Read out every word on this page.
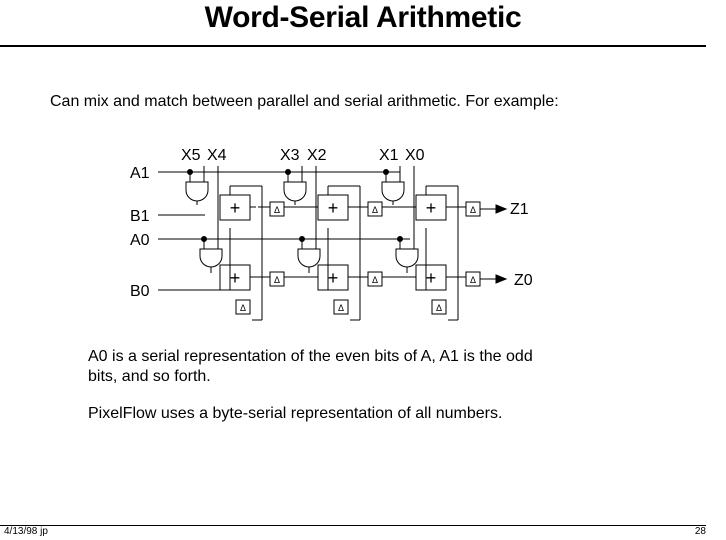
Word-Serial Arithmetic
Can mix and match between parallel and serial arithmetic. For example:
A1
B1
A0
B0
X5 X4	X3 X2	X1 X0
Z1
Z0
+	+	+
+	+	+
Δ	Δ	Δ
Δ	Δ	Δ
Δ	Δ	Δ
A0 is a serial representation of the even bits of A, A1 is the odd
bits, and so forth.
PixelFlow uses a byte-serial representation of all numbers.
4/13/98 jp	28
